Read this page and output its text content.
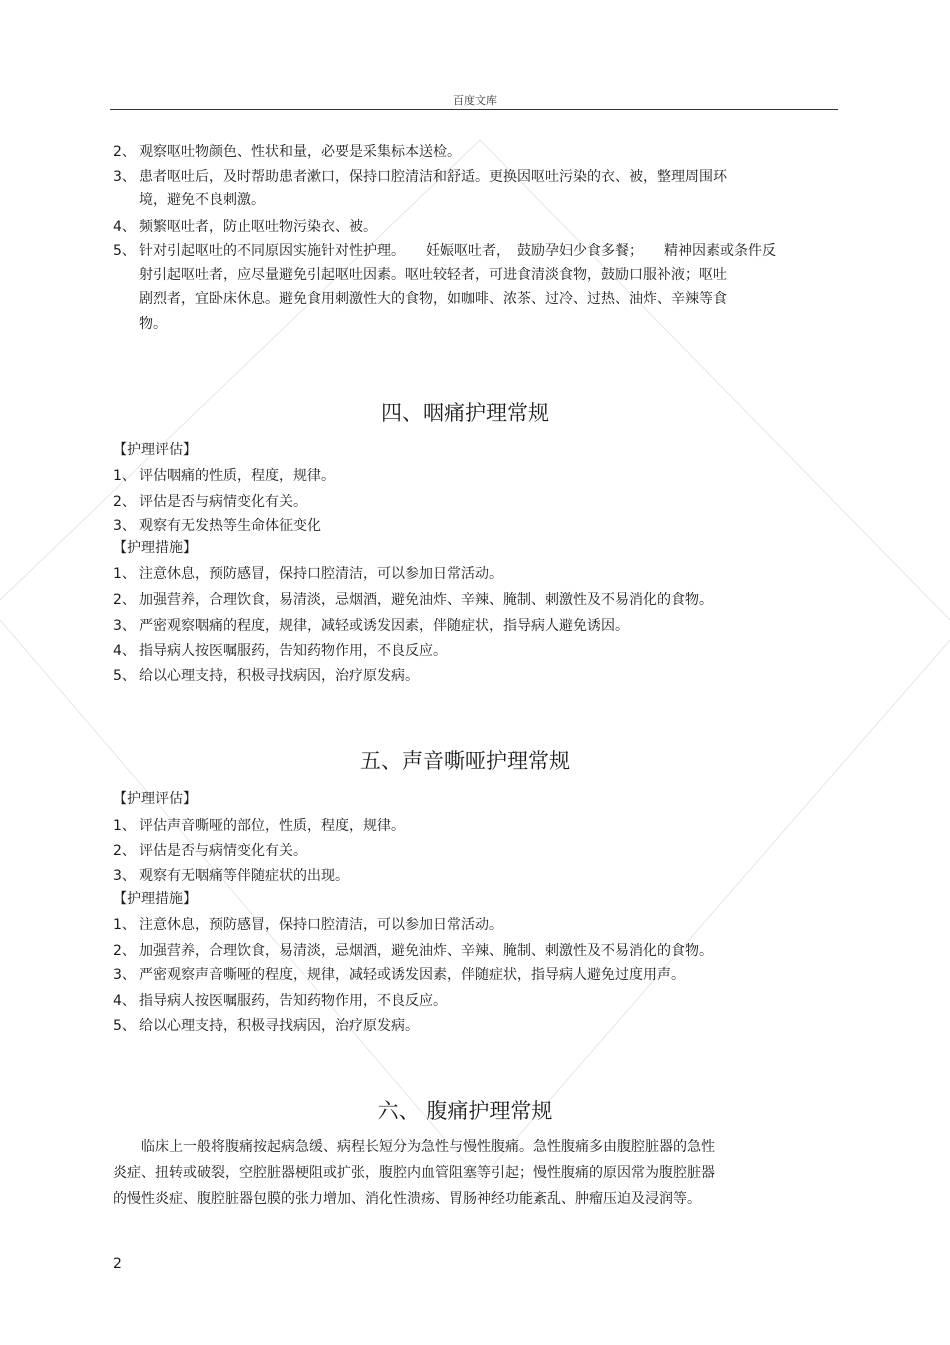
百度文库
2、 观察呕吐物颜色、性状和量，必要是采集标本送检。
3、 患者呕吐后，及时帮助患者漱口，保持口腔清洁和舒适。更换因呕吐污染的衣、被，整理周围环
境，避免不良刺激。
4、 频繁呕吐者，防止呕吐物污染衣、被。
5、 针对引起呕吐的不同原因实施针对性护理。　　妊娠呕吐者，　鼓励孕妇少食多餐；　　精神因素或条件反
射引起呕吐者，应尽量避免引起呕吐因素。呕吐较轻者，可进食清淡食物，鼓励口服补液；呕吐
剧烈者，宜卧床休息。避免食用刺激性大的食物，如咖啡、浓茶、过冷、过热、油炸、辛辣等食
物。
四、咽痛护理常规
【护理评估】
1、 评估咽痛的性质，程度，规律。
2、 评估是否与病情变化有关。
3、 观察有无发热等生命体征变化
【护理措施】
1、 注意休息，预防感冒，保持口腔清洁，可以参加日常活动。
2、 加强营养，合理饮食，易清淡，忌烟酒，避免油炸、辛辣、腌制、刺激性及不易消化的食物。
3、 严密观察咽痛的程度，规律，减轻或诱发因素，伴随症状，指导病人避免诱因。
4、 指导病人按医嘱服药，告知药物作用，不良反应。
5、 给以心理支持，积极寻找病因，治疗原发病。
五、声音嘶哑护理常规
【护理评估】
1、 评估声音嘶哑的部位，性质，程度，规律。
2、 评估是否与病情变化有关。
3、 观察有无咽痛等伴随症状的出现。
【护理措施】
1、 注意休息，预防感冒，保持口腔清洁，可以参加日常活动。
2、 加强营养，合理饮食，易清淡，忌烟酒，避免油炸、辛辣、腌制、刺激性及不易消化的食物。
3、 严密观察声音嘶哑的程度，规律，减轻或诱发因素，伴随症状，指导病人避免过度用声。
4、 指导病人按医嘱服药，告知药物作用，不良反应。
5、 给以心理支持，积极寻找病因，治疗原发病。
六、 腹痛护理常规
　　临床上一般将腹痛按起病急缓、病程长短分为急性与慢性腹痛。急性腹痛多由腹腔脏器的急性
炎症、扭转或破裂，空腔脏器梗阻或扩张，腹腔内血管阻塞等引起；慢性腹痛的原因常为腹腔脏器
的慢性炎症、腹腔脏器包膜的张力增加、消化性溃疡、胃肠神经功能紊乱、肿瘤压迫及浸润等。
2
